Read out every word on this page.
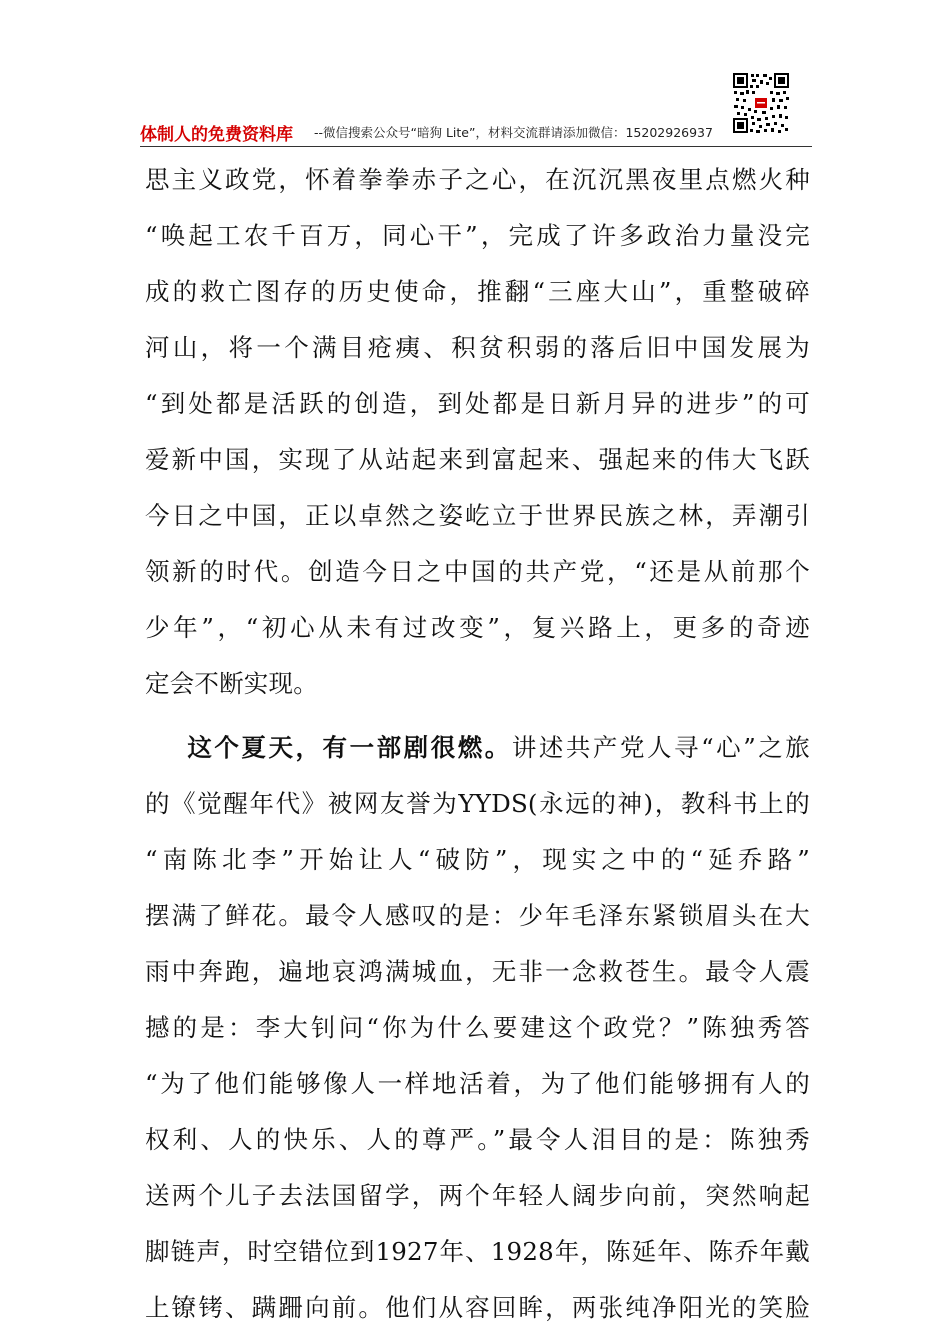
体制人的免费资料库 --微信搜索公众号“暗狗 Lite”，材料交流群请添加微信：15202926937
思主义政党，怀着拳拳赤子之心，在沉沉黑夜里点燃火种
“唤起工农千百万，同心干”，完成了许多政治力量没完
成的救亡图存的历史使命，推翻“三座大山”，重整破碎
河山，将一个满目疮痍、积贫积弱的落后旧中国发展为
“到处都是活跃的创造，到处都是日新月异的进步”的可
爱新中国，实现了从站起来到富起来、强起来的伟大飞跃
今日之中国，正以卓然之姿屹立于世界民族之林，弄潮引
领新的时代。创造今日之中国的共产党，“还是从前那个
少年”，“初心从未有过改变”，复兴路上，更多的奇迹
定会不断实现。
这个夏天，有一部剧很燃。讲述共产党人寻“心”之旅
的《觉醒年代》被网友誉为YYDS(永远的神)，教科书上的
“南陈北李”开始让人“破防”，现实之中的“延乔路”
摆满了鲜花。最令人感叹的是：少年毛泽东紧锁眉头在大
雨中奔跑，遍地哀鸿满城血，无非一念救苍生。最令人震
撼的是：李大钊问“你为什么要建这个政党？”陈独秀答
“为了他们能够像人一样地活着，为了他们能够拥有人的
权利、人的快乐、人的尊严。”最令人泪目的是：陈独秀
送两个儿子去法国留学，两个年轻人阔步向前，突然响起
脚链声，时空错位到1927年、1928年，陈延年、陈乔年戴
上镣铐、蹒跚向前。他们从容回眸，两张纯净阳光的笑脸
